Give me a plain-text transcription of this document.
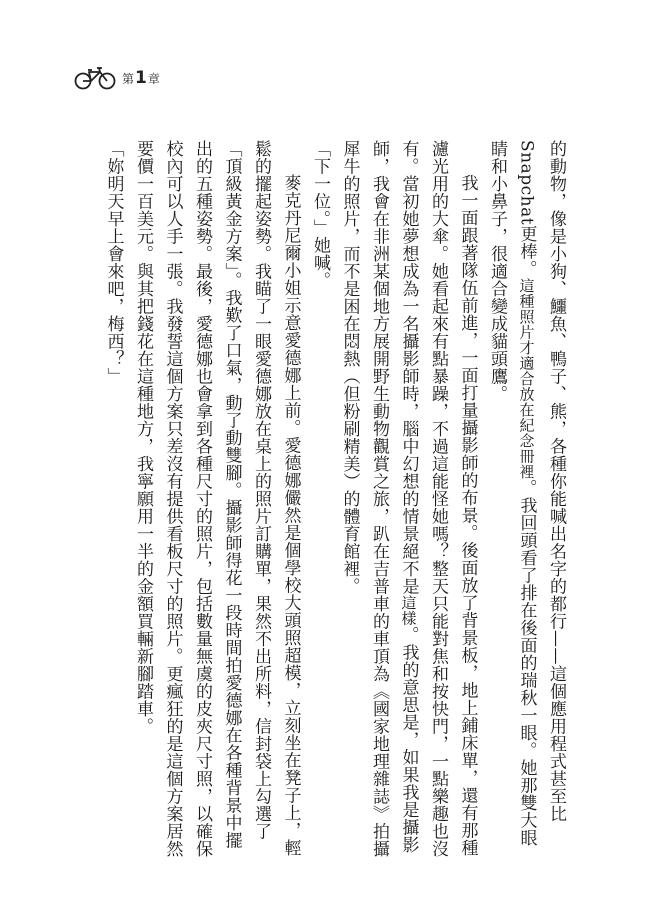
第 1 章

的動物，像是小狗、鱷魚、鴨子、熊，各種你能喊出名字的都行——這個應用程式甚至比Snapchat更棒。這種照片才適合放在紀念冊裡。我回頭看了排在後面的瑞秋一眼。她那雙大眼睛和小鼻子，很適合變成貓頭鷹。

我一面跟著隊伍前進，一面打量攝影師的布景。後面放了背景板，地上鋪床單，還有那種濾光用的大傘。她看起來有點暴躁，不過這能怪她嗎？整天只能對焦和按快門，一點樂趣也沒有。當初她夢想成為一名攝影師時，腦中幻想的情景絕不是這樣。我的意思是，如果我是攝影師，我會在非洲某個地方展開野生動物觀賞之旅，趴在吉普車的車頂為《國家地理雜誌》拍攝犀牛的照片，而不是困在悶熱（但粉刷精美）的體育館裡。

「下一位。」她喊。

麥克丹尼爾小姐示意愛德娜上前。愛德娜儼然是個學校大頭照超模，立刻坐在凳子上，輕鬆的擺起姿勢。我瞄了一眼愛德娜放在桌上的照片訂購單，果然不出所料，信封袋上勾選了「頂級黃金方案」。我歎了口氣，動了動雙腳。攝影師得花一段時間拍愛德娜在各種背景中擺出的五種姿勢。最後，愛德娜也會拿到各種尺寸的照片，包括數量無虞的皮夾尺寸照，以確保校內可以人手一張。我發誓這個方案只差沒有提供看板尺寸的照片。更瘋狂的是這個方案居然要價一百美元。與其把錢花在這種地方，我寧願用一半的金額買輛新腳踏車。

「妳明天早上會來吧，梅西？」
